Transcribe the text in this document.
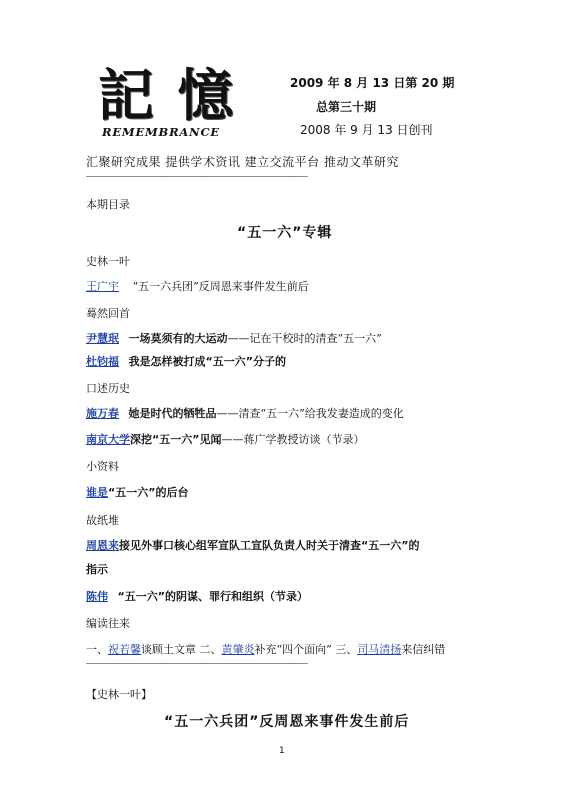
記 憶
REMEMBRANCE
2009 年 8 月 13 日第 20 期
总第三十期
2008 年 9 月 13 日创刊
汇聚研究成果 提供学术资讯 建立交流平台 推动文革研究
——————————————————————————————————————————————————
本期目录
“五一六”专辑
史林一叶
王广宇 “五一六兵团”反周恩来事件发生前后
蓦然回首
尹慧珉 一场莫须有的大运动——记在干校时的清查“五一六”
杜钧福 我是怎样被打成“五一六”分子的
口述历史
施万春 她是时代的牺牲品——清查“五一六”给我发妻造成的变化
南京大学深挖“五一六”见闻——蒋广学教授访谈（节录）
小资料
谁是“五一六”的后台
故纸堆
周恩来接见外事口核心组军宣队工宣队负责人时关于清查“五一六”的
指示
陈伟 “五一六”的阴谋、罪行和组织（节录）
编读往来
一、祝若馨谈顾土文章 二、黄肇炎补充“四个面向” 三、司马清扬来信纠错
——————————————————————————————————————————————————
【史林一叶】
“五一六兵团”反周恩来事件发生前后
1
